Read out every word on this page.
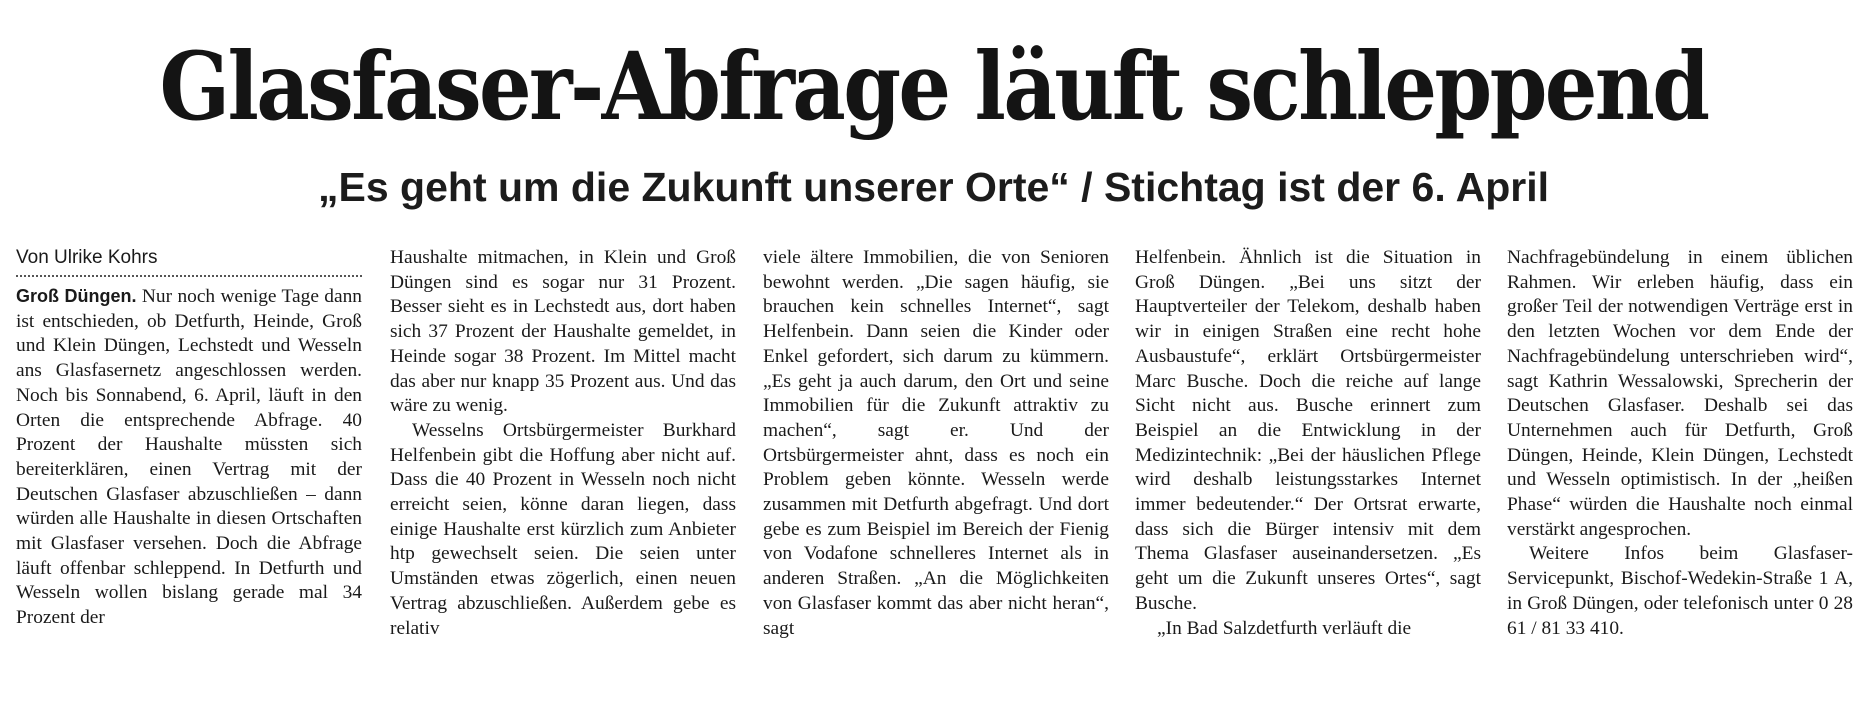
Glasfaser-Abfrage läuft schleppend
„Es geht um die Zukunft unserer Orte“ / Stichtag ist der 6. April
Von Ulrike Kohrs

Groß Düngen. Nur noch wenige Tage dann ist entschieden, ob Detfurth, Heinde, Groß und Klein Düngen, Lechstedt und Wesseln ans Glasfasernetz angeschlossen werden. Noch bis Sonnabend, 6. April, läuft in den Orten die entsprechende Abfrage. 40 Prozent der Haushalte müssten sich bereiterklären, einen Vertrag mit der Deutschen Glasfaser abzuschließen – dann würden alle Haushalte in diesen Ortschaften mit Glasfaser versehen. Doch die Abfrage läuft offenbar schleppend. In Detfurth und Wesseln wollen bislang gerade mal 34 Prozent der

Haushalte mitmachen, in Klein und Groß Düngen sind es sogar nur 31 Prozent. Besser sieht es in Lechstedt aus, dort haben sich 37 Prozent der Haushalte gemeldet, in Heinde sogar 38 Prozent. Im Mittel macht das aber nur knapp 35 Prozent aus. Und das wäre zu wenig.

Wesselns Ortsbürgermeister Burkhard Helfenbein gibt die Hoffung aber nicht auf. Dass die 40 Prozent in Wesseln noch nicht erreicht seien, könne daran liegen, dass einige Haushalte erst kürzlich zum Anbieter htp gewechselt seien. Die seien unter Umständen etwas zögerlich, einen neuen Vertrag abzuschließen. Außerdem gebe es relativ

viele ältere Immobilien, die von Senioren bewohnt werden. „Die sagen häufig, sie brauchen kein schnelles Internet“, sagt Helfenbein. Dann seien die Kinder oder Enkel gefordert, sich darum zu kümmern. „Es geht ja auch darum, den Ort und seine Immobilien für die Zukunft attraktiv zu machen“, sagt er. Und der Ortsbürgermeister ahnt, dass es noch ein Problem geben könnte. Wesseln werde zusammen mit Detfurth abgefragt. Und dort gebe es zum Beispiel im Bereich der Fienig von Vodafone schnelleres Internet als in anderen Straßen. „An die Möglichkeiten von Glasfaser kommt das aber nicht heran“, sagt

Helfenbein. Ähnlich ist die Situation in Groß Düngen. „Bei uns sitzt der Hauptverteiler der Telekom, deshalb haben wir in einigen Straßen eine recht hohe Ausbaustufe“, erklärt Ortsbürgermeister Marc Busche. Doch die reiche auf lange Sicht nicht aus. Busche erinnert zum Beispiel an die Entwicklung in der Medizintechnik: „Bei der häuslichen Pflege wird deshalb leistungsstarkes Internet immer bedeutender.“ Der Ortsrat erwarte, dass sich die Bürger intensiv mit dem Thema Glasfaser auseinandersetzen. „Es geht um die Zukunft unseres Ortes“, sagt Busche.

„In Bad Salzdetfurth verläuft die

Nachfragebündelung in einem üblichen Rahmen. Wir erleben häufig, dass ein großer Teil der notwendigen Verträge erst in den letzten Wochen vor dem Ende der Nachfragebündelung unterschrieben wird“, sagt Kathrin Wessalowski, Sprecherin der Deutschen Glasfaser. Deshalb sei das Unternehmen auch für Detfurth, Groß Düngen, Heinde, Klein Düngen, Lechstedt und Wesseln optimistisch. In der „heißen Phase“ würden die Haushalte noch einmal verstärkt angesprochen.

Weitere Infos beim Glasfaser-Servicepunkt, Bischof-Wedekin-Straße 1 A, in Groß Düngen, oder telefonisch unter 0 28 61 / 81 33 410.
